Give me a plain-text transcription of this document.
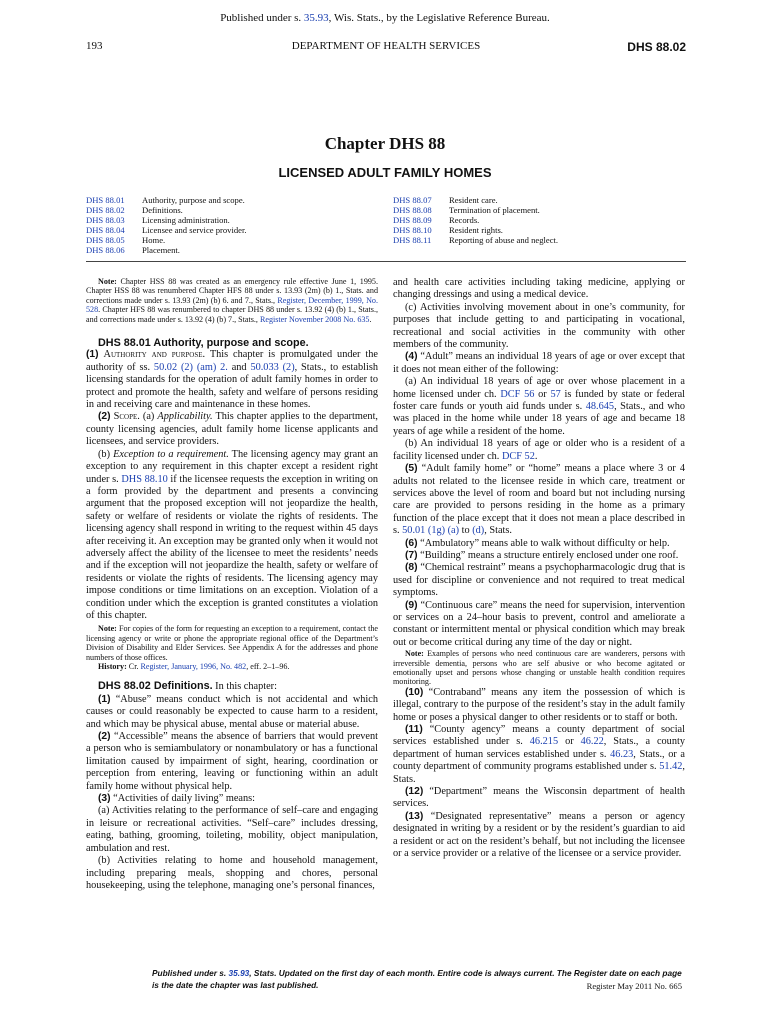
Published under s. 35.93, Wis. Stats., by the Legislative Reference Bureau.
DEPARTMENT OF HEALTH SERVICES
193	DHS 88.02
Chapter DHS 88
LICENSED ADULT FAMILY HOMES
DHS 88.01	Authority, purpose and scope.
DHS 88.02	Definitions.
DHS 88.03	Licensing administration.
DHS 88.04	Licensee and service provider.
DHS 88.05	Home.
DHS 88.06	Placement.
DHS 88.07	Resident care.
DHS 88.08	Termination of placement.
DHS 88.09	Records.
DHS 88.10	Resident rights.
DHS 88.11	Reporting of abuse and neglect.

Note: Chapter HSS 88 was created as an emergency rule effective June 1, 1995. Chapter HSS 88 was renumbered Chapter HFS 88 under s. 13.93 (2m) (b) 1., Stats. and corrections made under s. 13.93 (2m) (b) 6. and 7., Stats., Register, December, 1999, No. 528. Chapter HFS 88 was renumbered to chapter DHS 88 under s. 13.92 (4) (b) 1., Stats., and corrections made under s. 13.92 (4) (b) 7., Stats., Register November 2008 No. 635.

DHS 88.01 Authority, purpose and scope.

(1) Authority and purpose. This chapter is promulgated under the authority of ss. 50.02 (2) (am) 2. and 50.033 (2), Stats., to establish licensing standards for the operation of adult family homes in order to protect and promote the health, safety and welfare of persons residing in and receiving care and maintenance in these homes.

(2) Scope. (a) Applicability. This chapter applies to the department, county licensing agencies, adult family home license applicants and licensees, and service providers.

(b) Exception to a requirement. The licensing agency may grant an exception to any requirement in this chapter except a resident right under s. DHS 88.10 if the licensee requests the exception in writing on a form provided by the department and presents a convincing argument that the proposed exception will not jeopardize the health, safety or welfare of residents or violate the rights of residents. The licensing agency shall respond in writing to the request within 45 days after receiving it. An exception may be granted only when it would not adversely affect the ability of the licensee to meet the residents’ needs and if the exception will not jeopardize the health, safety or welfare of residents or violate the rights of residents. The licensing agency may impose conditions or time limitations on an exception. Violation of a condition under which the exception is granted constitutes a violation of this chapter.

Note: For copies of the form for requesting an exception to a requirement, contact the licensing agency or write or phone the appropriate regional office of the Department’s Division of Disability and Elder Services. See Appendix A for the addresses and phone numbers of those offices.

History: Cr. Register, January, 1996, No. 482, eff. 2–1–96.

DHS 88.02 Definitions. In this chapter:

(1) “Abuse” means conduct which is not accidental and which causes or could reasonably be expected to cause harm to a resident, and which may be physical abuse, mental abuse or material abuse.

(2) “Accessible” means the absence of barriers that would prevent a person who is semiambulatory or nonambulatory or has a functional limitation caused by impairment of sight, hearing, coordination or perception from entering, leaving or functioning within an adult family home without physical help.

(3) “Activities of daily living” means:

(a) Activities relating to the performance of self–care and engaging in leisure or recreational activities. “Self–care” includes dressing, eating, bathing, grooming, toileting, mobility, object manipulation, ambulation and rest.

(b) Activities relating to home and household management, including preparing meals, shopping and chores, personal housekeeping, using the telephone, managing one’s personal finances,

and health care activities including taking medicine, applying or changing dressings and using a medical device.

(c) Activities involving movement about in one’s community, for purposes that include getting to and participating in vocational, recreational and social activities in the community with other members of the community.

(4) “Adult” means an individual 18 years of age or over except that it does not mean either of the following:

(a) An individual 18 years of age or over whose placement in a home licensed under ch. DCF 56 or 57 is funded by state or federal foster care funds or youth aid funds under s. 48.645, Stats., and who was placed in the home while under 18 years of age and became 18 years of age while a resident of the home.

(b) An individual 18 years of age or older who is a resident of a facility licensed under ch. DCF 52.

(5) “Adult family home” or “home” means a place where 3 or 4 adults not related to the licensee reside in which care, treatment or services above the level of room and board but not including nursing care are provided to persons residing in the home as a primary function of the place except that it does not mean a place described in s. 50.01 (1g) (a) to (d), Stats.

(6) “Ambulatory” means able to walk without difficulty or help.

(7) “Building” means a structure entirely enclosed under one roof.

(8) “Chemical restraint” means a psychopharmacologic drug that is used for discipline or convenience and not required to treat medical symptoms.

(9) “Continuous care” means the need for supervision, intervention or services on a 24–hour basis to prevent, control and ameliorate a constant or intermittent mental or physical condition which may break out or become critical during any time of the day or night.

Note: Examples of persons who need continuous care are wanderers, persons with irreversible dementia, persons who are self abusive or who become agitated or emotionally upset and persons whose changing or unstable health condition requires monitoring.

(10) “Contraband” means any item the possession of which is illegal, contrary to the purpose of the resident’s stay in the adult family home or poses a physical danger to other residents or to staff or both.

(11) “County agency” means a county department of social services established under s. 46.215 or 46.22, Stats., a county department of human services established under s. 46.23, Stats., or a county department of community programs established under s. 51.42, Stats.

(12) “Department” means the Wisconsin department of health services.

(13) “Designated representative” means a person or agency designated in writing by a resident or by the resident’s guardian to aid a resident or act on the resident’s behalf, but not including the licensee or a service provider or a relative of the licensee or a service provider.

Published under s. 35.93, Stats. Updated on the first day of each month. Entire code is always current. The Register date on each page
is the date the chapter was last published.	Register May 2011 No. 665
